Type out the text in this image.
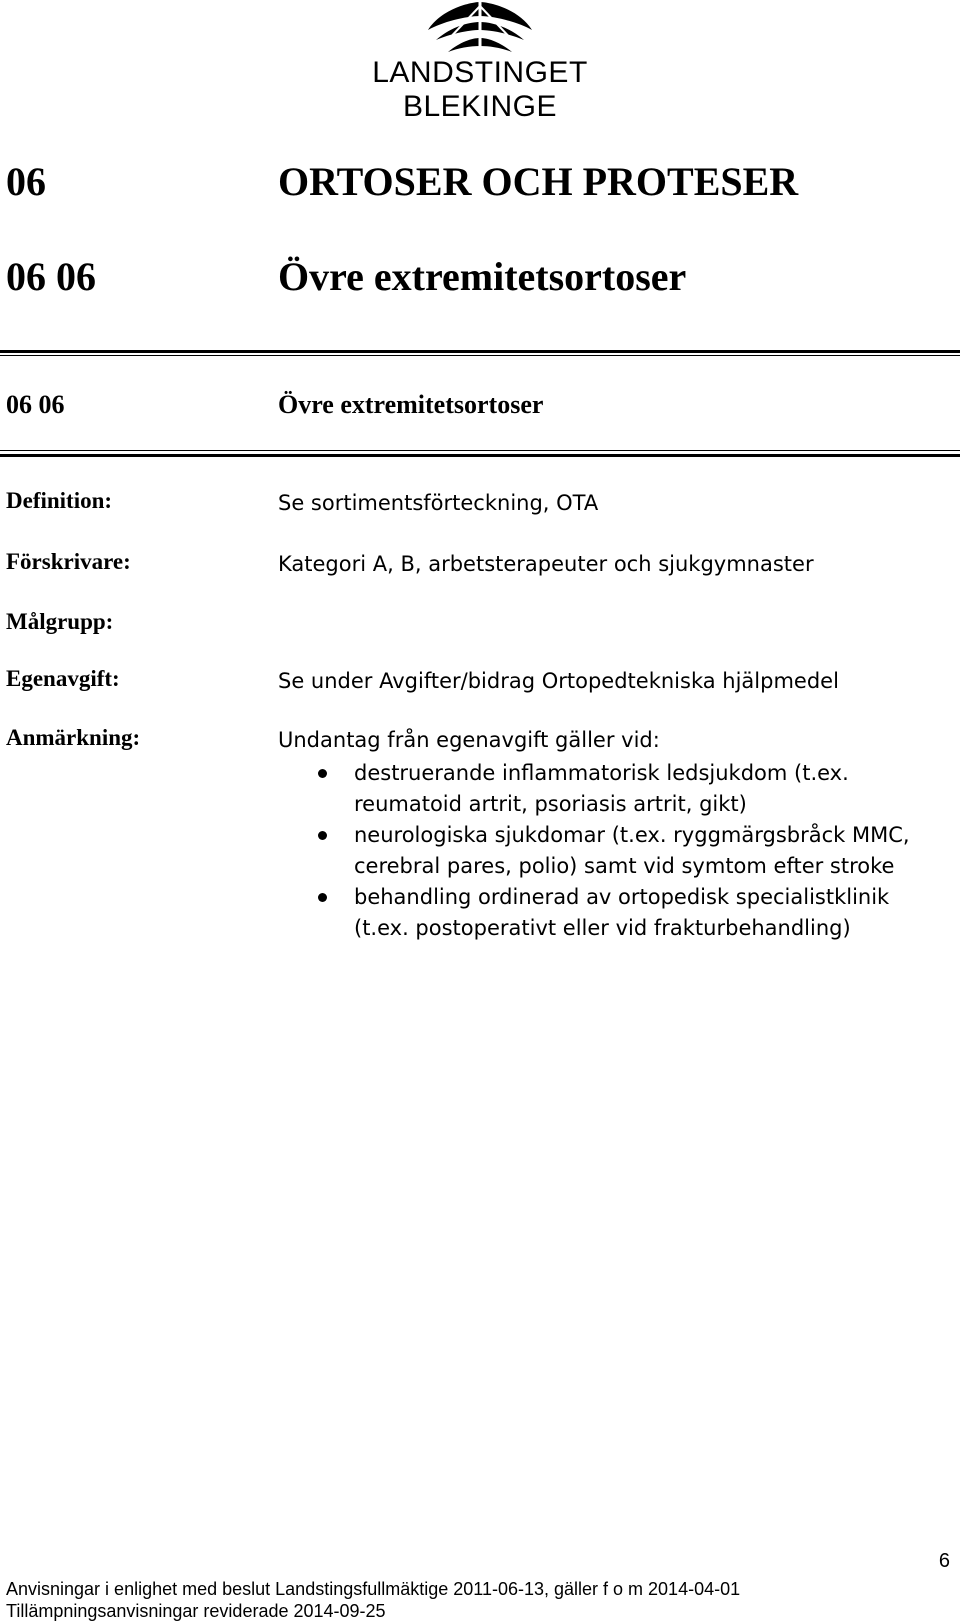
LANDSTINGET BLEKINGE
06	ORTOSER OCH PROTESER
06 06	Övre extremitetsortoser
06 06	Övre extremitetsortoser
Definition:	Se sortimentsförteckning, OTA
Förskrivare:	Kategori A, B, arbetsterapeuter och sjukgymnaster
Målgrupp:
Egenavgift:	Se under Avgifter/bidrag Ortopedtekniska hjälpmedel
Anmärkning:	Undantag från egenavgift gäller vid:
destruerande inflammatorisk ledsjukdom (t.ex. reumatoid artrit, psoriasis artrit, gikt)
neurologiska sjukdomar (t.ex. ryggmärgsbråck MMC, cerebral pares, polio) samt vid symtom efter stroke
behandling ordinerad av ortopedisk specialistklinik (t.ex. postoperativt eller vid frakturbehandling)
6
Anvisningar i enlighet med beslut Landstingsfullmäktige 2011-06-13, gäller f o m 2014-04-01
Tillämpningsanvisningar reviderade 2014-09-25
